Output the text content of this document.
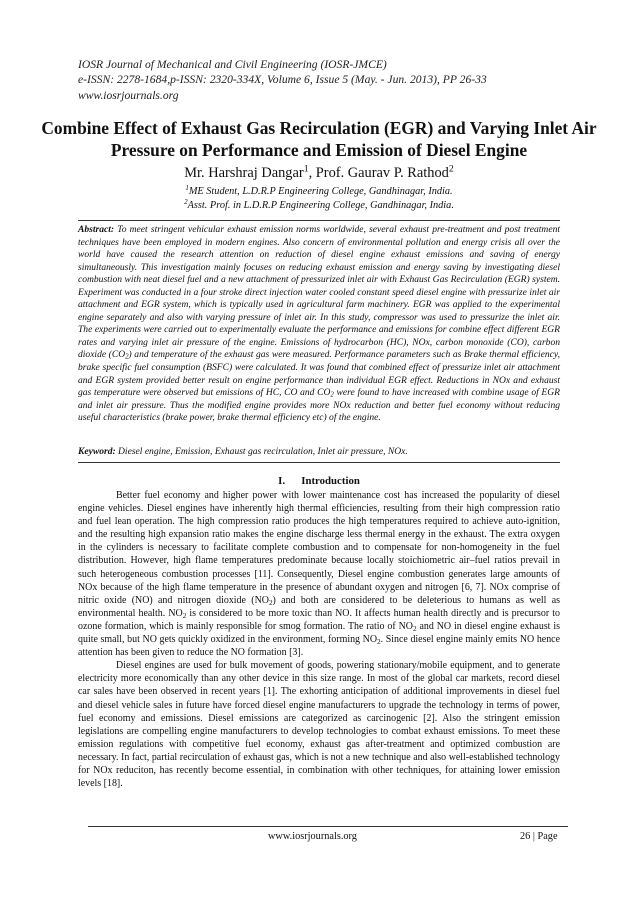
IOSR Journal of Mechanical and Civil Engineering (IOSR-JMCE)
e-ISSN: 2278-1684,p-ISSN: 2320-334X, Volume 6, Issue 5 (May. - Jun. 2013), PP 26-33
www.iosrjournals.org
Combine Effect of Exhaust Gas Recirculation (EGR) and Varying Inlet Air Pressure on Performance and Emission of Diesel Engine
Mr. Harshraj Dangar$^1$, Prof. Gaurav P. Rathod$^2$
$^1$ME Student, L.D.R.P Engineering College, Gandhinagar, India.
$^2$Asst. Prof. in L.D.R.P Engineering College, Gandhinagar, India.
Abstract: To meet stringent vehicular exhaust emission norms worldwide, several exhaust pre-treatment and post treatment techniques have been employed in modern engines. Also concern of environmental pollution and energy crisis all over the world have caused the research attention on reduction of diesel engine exhaust emissions and saving of energy simultaneously. This investigation mainly focuses on reducing exhaust emission and energy saving by investigating diesel combustion with neat diesel fuel and a new attachment of pressurized inlet air with Exhaust Gas Recirculation (EGR) system. Experiment was conducted in a four stroke direct injection water cooled constant speed diesel engine with pressurize inlet air attachment and EGR system, which is typically used in agricultural farm machinery. EGR was applied to the experimental engine separately and also with varying pressure of inlet air. In this study, compressor was used to pressurize the inlet air. The experiments were carried out to experimentally evaluate the performance and emissions for combine effect different EGR rates and varying inlet air pressure of the engine. Emissions of hydrocarbon (HC), NOx, carbon monoxide (CO), carbon dioxide $(CO_2)$ and temperature of the exhaust gas were measured. Performance parameters such as Brake thermal efficiency, brake specific fuel consumption (BSFC) were calculated. It was found that combined effect of pressurize inlet air attachment and EGR system provided better result on engine performance than individual EGR effect. Reductions in NOx and exhaust gas temperature were observed but emissions of HC, CO and $CO_2$ were found to have increased with combine usage of EGR and inlet air pressure. Thus the modified engine provides more NOx reduction and better fuel economy without reducing useful characteristics (brake power, brake thermal efficiency etc) of the engine.
Keyword: Diesel engine, Emission, Exhaust gas recirculation, Inlet air pressure, NOx.
I. Introduction

Better fuel economy and higher power with lower maintenance cost has increased the popularity of diesel engine vehicles. Diesel engines have inherently high thermal efficiencies, resulting from their high compression ratio and fuel lean operation. The high compression ratio produces the high temperatures required to achieve auto-ignition, and the resulting high expansion ratio makes the engine discharge less thermal energy in the exhaust. The extra oxygen in the cylinders is necessary to facilitate complete combustion and to compensate for non-homogeneity in the fuel distribution. However, high flame temperatures predominate because locally stoichiometric air–fuel ratios prevail in such heterogeneous combustion processes [11]. Consequently, Diesel engine combustion generates large amounts of NOx because of the high flame temperature in the presence of abundant oxygen and nitrogen [6, 7]. NOx comprise of nitric oxide (NO) and nitrogen dioxide $(NO_2)$ and both are considered to be deleterious to humans as well as environmental health. $NO_2$ is considered to be more toxic than NO. It affects human health directly and is precursor to ozone formation, which is mainly responsible for smog formation. The ratio of $NO_2$ and NO in diesel engine exhaust is quite small, but NO gets quickly oxidized in the environment, forming $NO_2$. Since diesel engine mainly emits NO hence attention has been given to reduce the NO formation [3].

Diesel engines are used for bulk movement of goods, powering stationary/mobile equipment, and to generate electricity more economically than any other device in this size range. In most of the global car markets, record diesel car sales have been observed in recent years [1]. The exhorting anticipation of additional improvements in diesel fuel and diesel vehicle sales in future have forced diesel engine manufacturers to upgrade the technology in terms of power, fuel economy and emissions. Diesel emissions are categorized as carcinogenic [2]. Also the stringent emission legislations are compelling engine manufacturers to develop technologies to combat exhaust emissions. To meet these emission regulations with competitive fuel economy, exhaust gas after-treatment and optimized combustion are necessary. In fact, partial recirculation of exhaust gas, which is not a new technique and also well-established technology for NOx reduciton, has recently become essential, in combination with other techniques, for attaining lower emission levels [18].

www.iosrjournals.org	26 | Page
